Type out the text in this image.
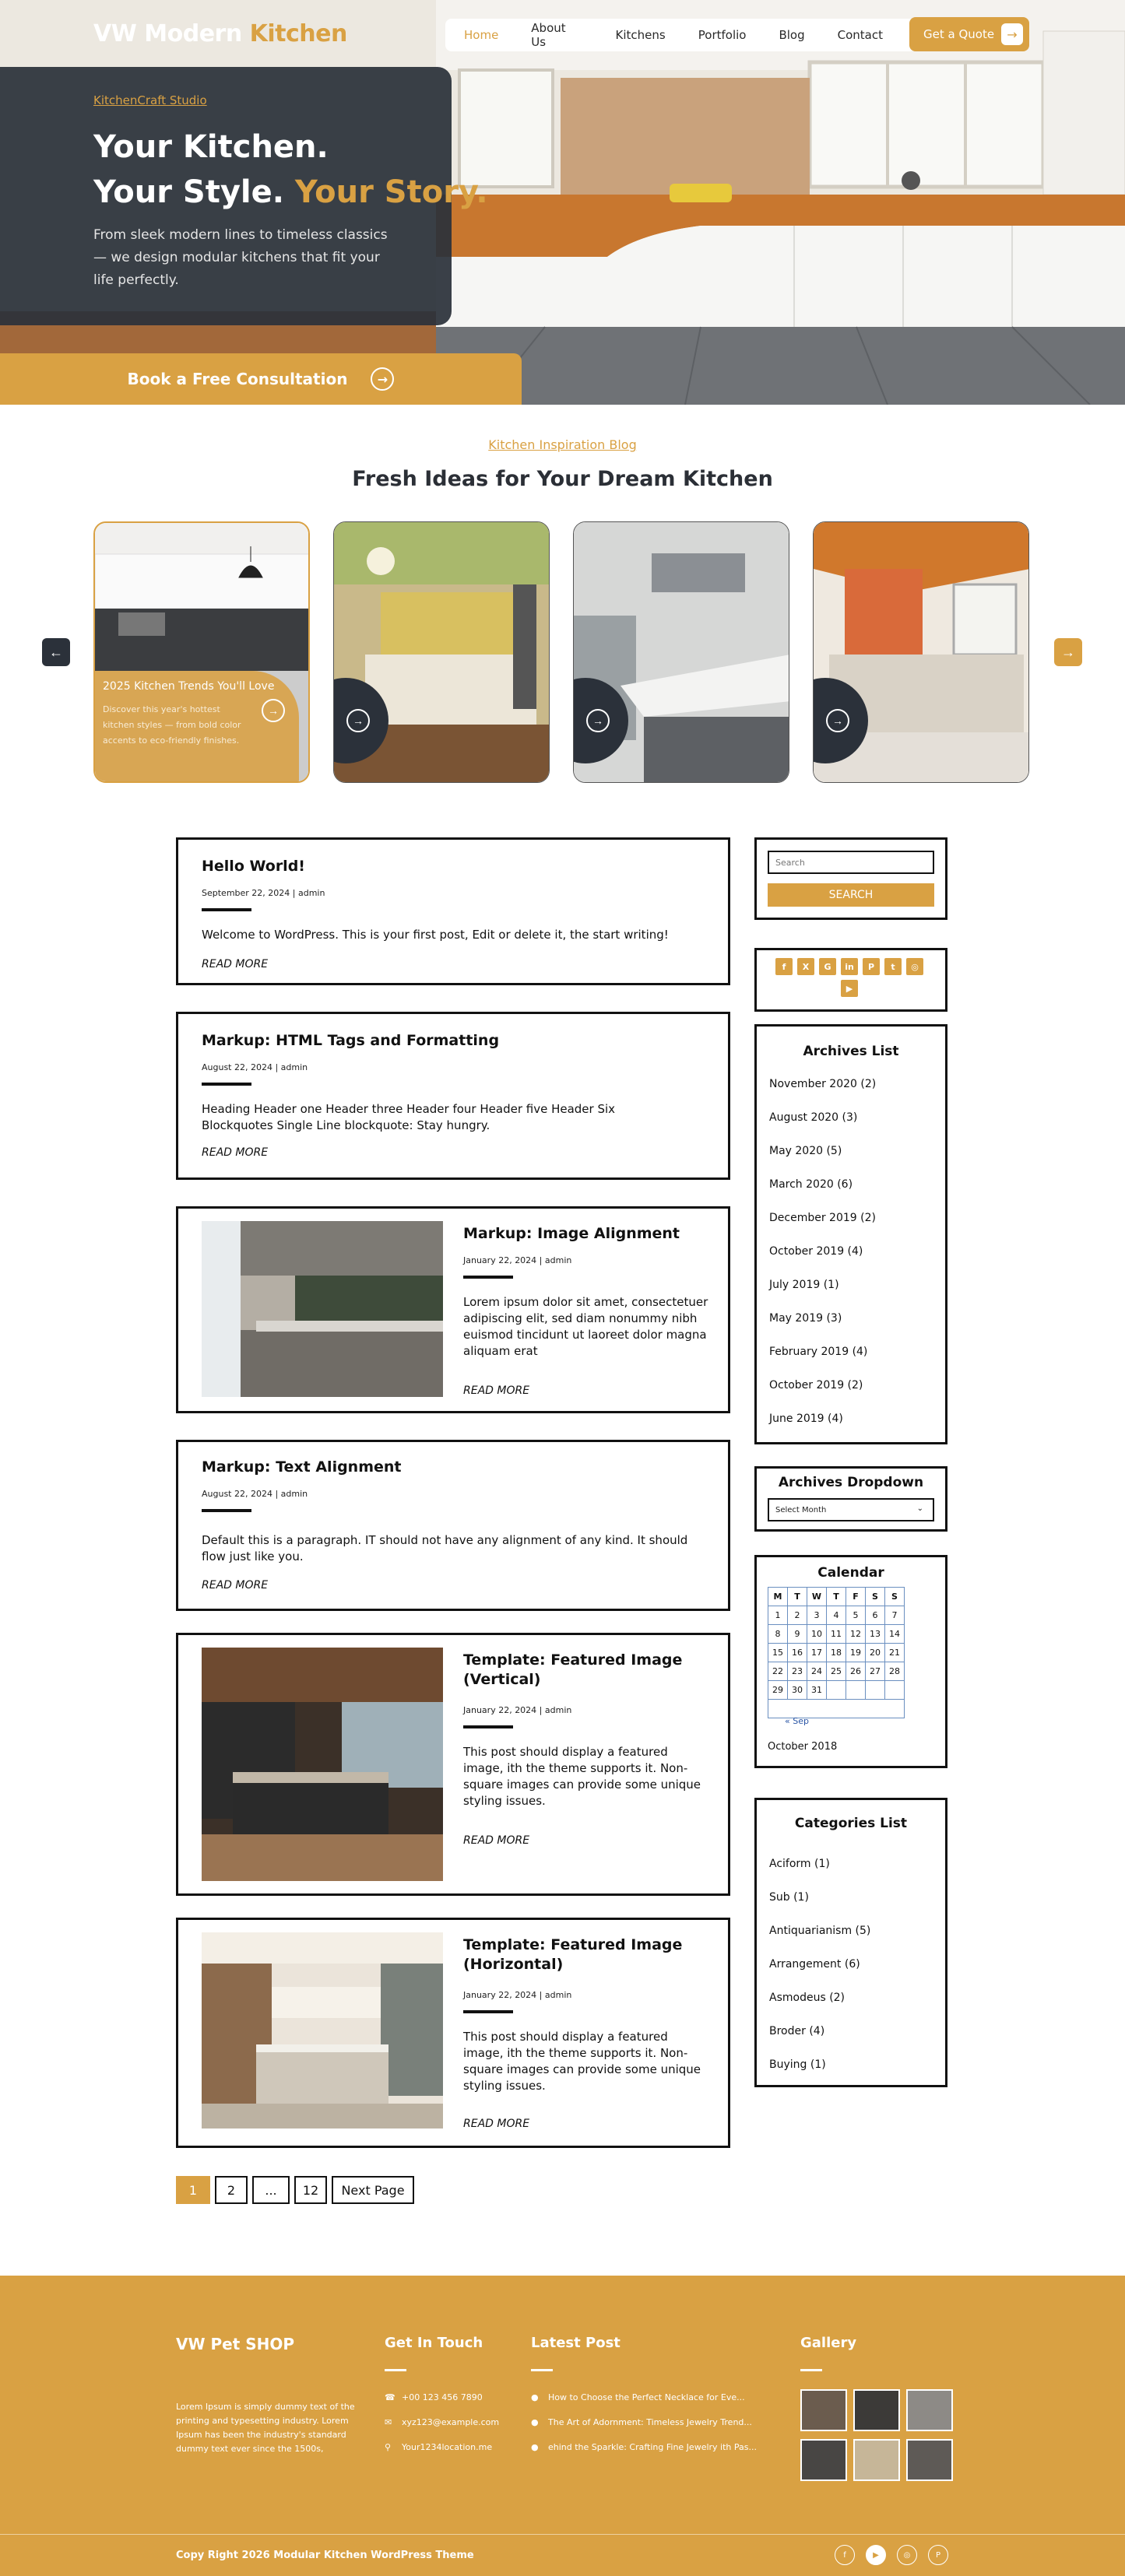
VW Modern Kitchen	Home	About Us	Kitchens	Portfolio	Blog	Contact	Get a Quote	→
KitchenCraft Studio
Your Kitchen.
Your Style. Your Story.
From sleek modern lines to timeless classics — we design modular kitchens that fit your life perfectly.
Book a Free Consultation	→
Kitchen Inspiration Blog
Fresh Ideas for Your Dream Kitchen
←	→
2025 Kitchen Trends You'll Love
Discover this year's hottest kitchen styles — from bold color accents to eco-friendly finishes.
→
→	→	→
Hello World!
September 22, 2024 | admin
Welcome to WordPress. This is your first post, Edit or delete it, the start writing!
READ MORE
Markup: HTML Tags and Formatting
August 22, 2024 | admin
Heading Header one Header three Header four Header five Header Six Blockquotes Single Line blockquote: Stay hungry.
READ MORE
Markup: Image Alignment
January 22, 2024 | admin
Lorem ipsum dolor sit amet, consectetuer adipiscing elit, sed diam nonummy nibh euismod tincidunt ut laoreet dolor magna aliquam erat
READ MORE
Markup: Text Alignment
August 22, 2024 | admin
Default this is a paragraph. IT should not have any alignment of any kind. It should flow just like you.
READ MORE
Template: Featured Image (Vertical)
January 22, 2024 | admin
This post should display a featured image, ith the theme supports it. Non-square images can provide some unique styling issues.
READ MORE
Template: Featured Image (Horizontal)
January 22, 2024 | admin
This post should display a featured image, ith the theme supports it. Non-square images can provide some unique styling issues.
READ MORE
1	2	...	12	Next Page
Search
SEARCH
f	X	G	in	P	t	◎
▶
Archives List
November 2020 (2)
August 2020 (3)
May 2020 (5)
March 2020 (6)
December 2019 (2)
October 2019 (4)
July 2019 (1)
May 2019 (3)
February 2019 (4)
October 2019 (2)
June 2019 (4)
Archives Dropdown
Select Month	⌄
Calendar
M	T	W	T	F	S	S
1	2	3	4	5	6	7
8	9	10	11	12	13	14
15	16	17	18	19	20	21
22	23	24	25	26	27	28
29	30	31				

« Sep
October 2018
Categories List
Aciform (1)
Sub (1)
Antiquarianism (5)
Arrangement (6)
Asmodeus (2)
Broder (4)
Buying (1)
VW Pet SHOP
Lorem Ipsum is simply dummy text of the printing and typesetting industry. Lorem Ipsum has been the industry's standard dummy text ever since the 1500s,
Get In Touch
☎ +00 123 456 7890
✉ xyz123@example.com
⚲ Your1234location.me
Latest Post
● How to Choose the Perfect Necklace for Eve...
● The Art of Adornment: Timeless Jewelry Trend...
● ehind the Sparkle: Crafting Fine Jewelry ith Pas...
Gallery
Copy Right 2026 Modular Kitchen WordPress Theme	f	▶	◎	P
